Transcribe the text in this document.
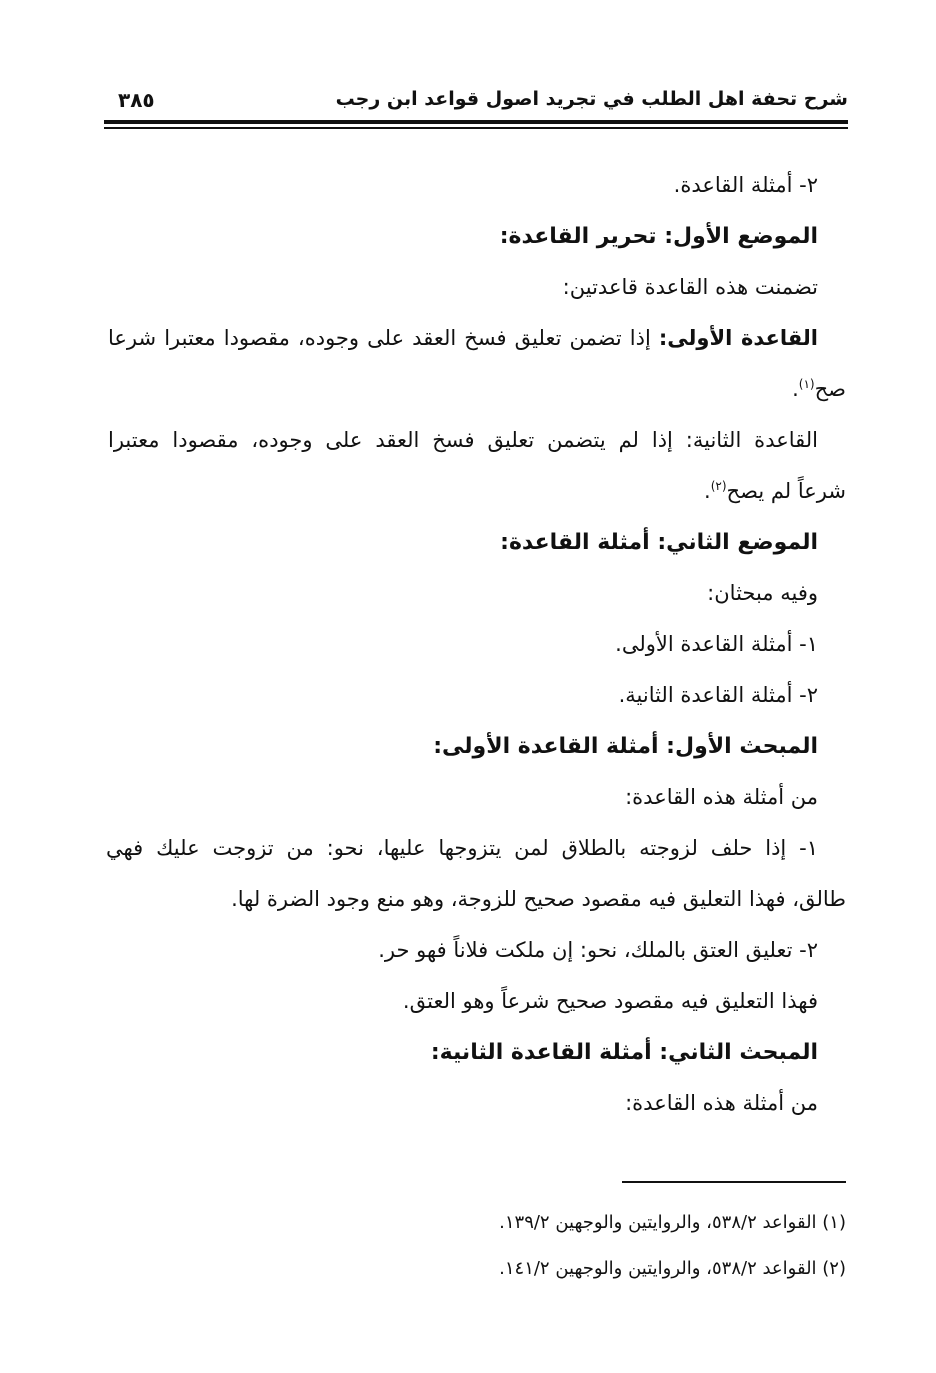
شرح تحفة اهل الطلب في تجريد اصول قواعد ابن رجب
٣٨٥
٢- أمثلة القاعدة.
الموضع الأول: تحرير القاعدة:
تضمنت هذه القاعدة قاعدتين:
القاعدة الأولى: إذا تضمن تعليق فسخ العقد على وجوده، مقصودا معتبرا شرعا
صح$^{(١)}$.
القاعدة الثانية: إذا لم يتضمن تعليق فسخ العقد على وجوده، مقصودا معتبرا
شرعاً لم يصح$^{(٢)}$.
الموضع الثاني: أمثلة القاعدة:
وفيه مبحثان:
١- أمثلة القاعدة الأولى.
٢- أمثلة القاعدة الثانية.
المبحث الأول: أمثلة القاعدة الأولى:
من أمثلة هذه القاعدة:
١- إذا حلف لزوجته بالطلاق لمن يتزوجها عليها، نحو: من تزوجت عليك فهي
طالق، فهذا التعليق فيه مقصود صحيح للزوجة، وهو منع وجود الضرة لها.
٢- تعليق العتق بالملك، نحو: إن ملكت فلاناً فهو حر.
فهذا التعليق فيه مقصود صحيح شرعاً وهو العتق.
المبحث الثاني: أمثلة القاعدة الثانية:
من أمثلة هذه القاعدة:
(١) القواعد ٥٣٨/٢، والروايتين والوجهين ١٣٩/٢.
(٢) القواعد ٥٣٨/٢، والروايتين والوجهين ١٤١/٢.
